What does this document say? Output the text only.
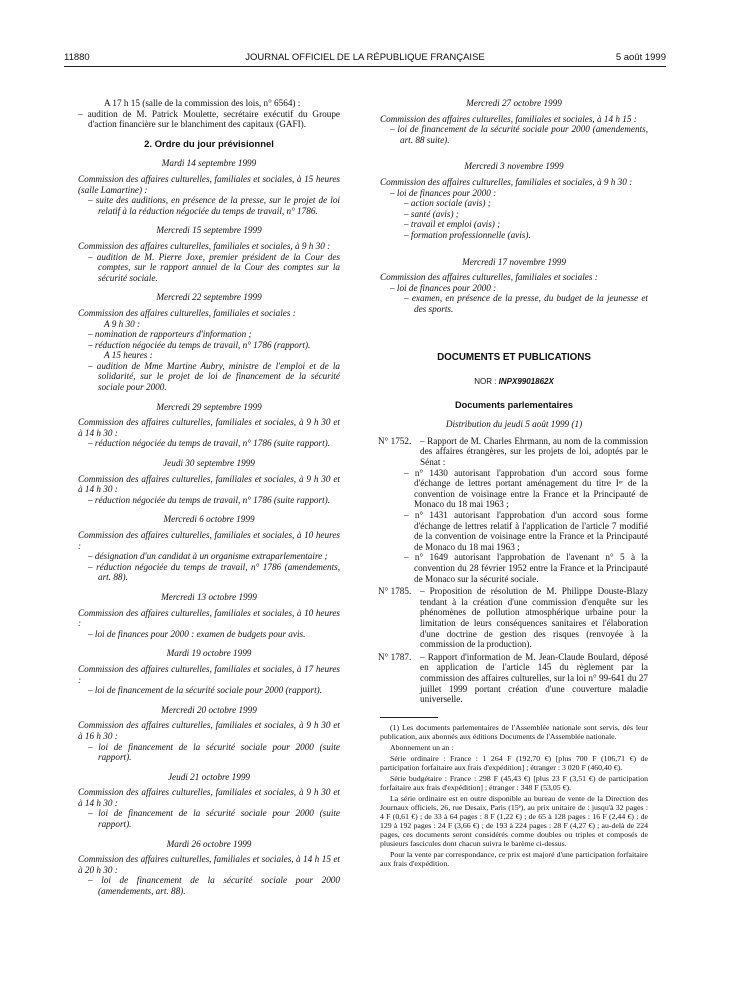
11880	JOURNAL OFFICIEL DE LA RÉPUBLIQUE FRANÇAISE	5 août 1999

A 17 h 15 (salle de la commission des lois, n° 6564) :

– audition de M. Patrick Moulette, secrétaire exécutif du Groupe d'action financière sur le blanchiment des capitaux (GAFI).

2. Ordre du jour prévisionnel

Mardi 14 septembre 1999

Commission des affaires culturelles, familiales et sociales, à 15 heures (salle Lamartine) :

– suite des auditions, en présence de la presse, sur le projet de loi relatif à la réduction négociée du temps de travail, n° 1786.

Mercredi 15 septembre 1999

Commission des affaires culturelles, familiales et sociales, à 9 h 30 :

– audition de M. Pierre Joxe, premier président de la Cour des comptes, sur le rapport annuel de la Cour des comptes sur la sécurité sociale.

Mercredi 22 septembre 1999

Commission des affaires culturelles, familiales et sociales :

A 9 h 30 :

– nomination de rapporteurs d'information ;

– réduction négociée du temps de travail, n° 1786 (rapport).

A 15 heures :

– audition de Mme Martine Aubry, ministre de l'emploi et de la solidarité, sur le projet de loi de financement de la sécurité sociale pour 2000.

Mercredi 29 septembre 1999

Commission des affaires culturelles, familiales et sociales, à 9 h 30 et à 14 h 30 :

– réduction négociée du temps de travail, n° 1786 (suite rapport).

Jeudi 30 septembre 1999

Commission des affaires culturelles, familiales et sociales, à 9 h 30 et à 14 h 30 :

– réduction négociée du temps de travail, n° 1786 (suite rapport).

Mercredi 6 octobre 1999

Commission des affaires culturelles, familiales et sociales, à 10 heures :

– désignation d'un candidat à un organisme extraparlementaire ;

– réduction négociée du temps de travail, n° 1786 (amendements, art. 88).

Mercredi 13 octobre 1999

Commission des affaires culturelles, familiales et sociales, à 10 heures :

– loi de finances pour 2000 : examen de budgets pour avis.

Mardi 19 octobre 1999

Commission des affaires culturelles, familiales et sociales, à 17 heures :

– loi de financement de la sécurité sociale pour 2000 (rapport).

Mercredi 20 octobre 1999

Commission des affaires culturelles, familiales et sociales, à 9 h 30 et à 16 h 30 :

– loi de financement de la sécurité sociale pour 2000 (suite rapport).

Jeudi 21 octobre 1999

Commission des affaires culturelles, familiales et sociales, à 9 h 30 et à 14 h 30 :

– loi de financement de la sécurité sociale pour 2000 (suite rapport).

Mardi 26 octobre 1999

Commission des affaires culturelles, familiales et sociales, à 14 h 15 et à 20 h 30 :

– loi de financement de la sécurité sociale pour 2000 (amendements, art. 88).

Mercredi 27 octobre 1999

Commission des affaires culturelles, familiales et sociales, à 14 h 15 :

– loi de financement de la sécurité sociale pour 2000 (amendements, art. 88 suite).

Mercredi 3 novembre 1999

Commission des affaires culturelles, familiales et sociales, à 9 h 30 :

– loi de finances pour 2000 :

– action sociale (avis) ;

– santé (avis) ;

– travail et emploi (avis) ;

– formation professionnelle (avis).

Mercredi 17 novembre 1999

Commission des affaires culturelles, familiales et sociales :

– loi de finances pour 2000 :

– examen, en présence de la presse, du budget de la jeunesse et des sports.

DOCUMENTS ET PUBLICATIONS

NOR : INPX9901862X

Documents parlementaires

Distribution du jeudi 5 août 1999 (1)

N° 1752. – Rapport de M. Charles Ehrmann, au nom de la commission des affaires étrangères, sur les projets de loi, adoptés par le Sénat :

– n° 1430 autorisant l'approbation d'un accord sous forme d'échange de lettres portant aménagement du titre Iᵉʳ de la convention de voisinage entre la France et la Principauté de Monaco du 18 mai 1963 ;

– n° 1431 autorisant l'approbation d'un accord sous forme d'échange de lettres relatif à l'application de l'article 7 modifié de la convention de voisinage entre la France et la Principauté de Monaco du 18 mai 1963 ;

– n° 1649 autorisant l'approbation de l'avenant n° 5 à la convention du 28 février 1952 entre la France et la Principauté de Monaco sur la sécurité sociale.

N° 1785. – Proposition de résolution de M. Philippe Douste-Blazy tendant à la création d'une commission d'enquête sur les phénomènes de pollution atmosphérique urbaine pour la limitation de leurs conséquences sanitaires et l'élaboration d'une doctrine de gestion des risques (renvoyée à la commission de la production).
N° 1787. – Rapport d'information de M. Jean-Claude Boulard, déposé en application de l'article 145 du règlement par la commission des affaires culturelles, sur la loi n° 99-641 du 27 juillet 1999 portant création d'une couverture maladie universelle.

(1) Les documents parlementaires de l'Assemblée nationale sont servis, dès leur publication, aux abonnés aux éditions Documents de l'Assemblée nationale.

Abonnement un an :

Série ordinaire : France : 1 264 F (192,70 €) [plus 700 F (106,71 €) de participation forfaitaire aux frais d'expédition] ; étranger : 3 020 F (460,40 €).

Série budgétaire : France : 298 F (45,43 €) [plus 23 F (3,51 €) de participation forfaitaire aux frais d'expédition] ; étranger : 348 F (53,05 €).

La série ordinaire est en outre disponible au bureau de vente de la Direction des Journaux officiels, 26, rue Desaix, Paris (15ᵉ), au prix unitaire de : jusqu'à 32 pages : 4 F (0,61 €) ; de 33 à 64 pages : 8 F (1,22 €) ; de 65 à 128 pages : 16 F (2,44 €) ; de 129 à 192 pages : 24 F (3,66 €) ; de 193 à 224 pages : 28 F (4,27 €) ; au-delà de 224 pages, ces documents seront considérés comme doubles ou triples et composés de plusieurs fascicules dont chacun suivra le barème ci-dessus.

Pour la vente par correspondance, ce prix est majoré d'une participation forfaitaire aux frais d'expédition.
